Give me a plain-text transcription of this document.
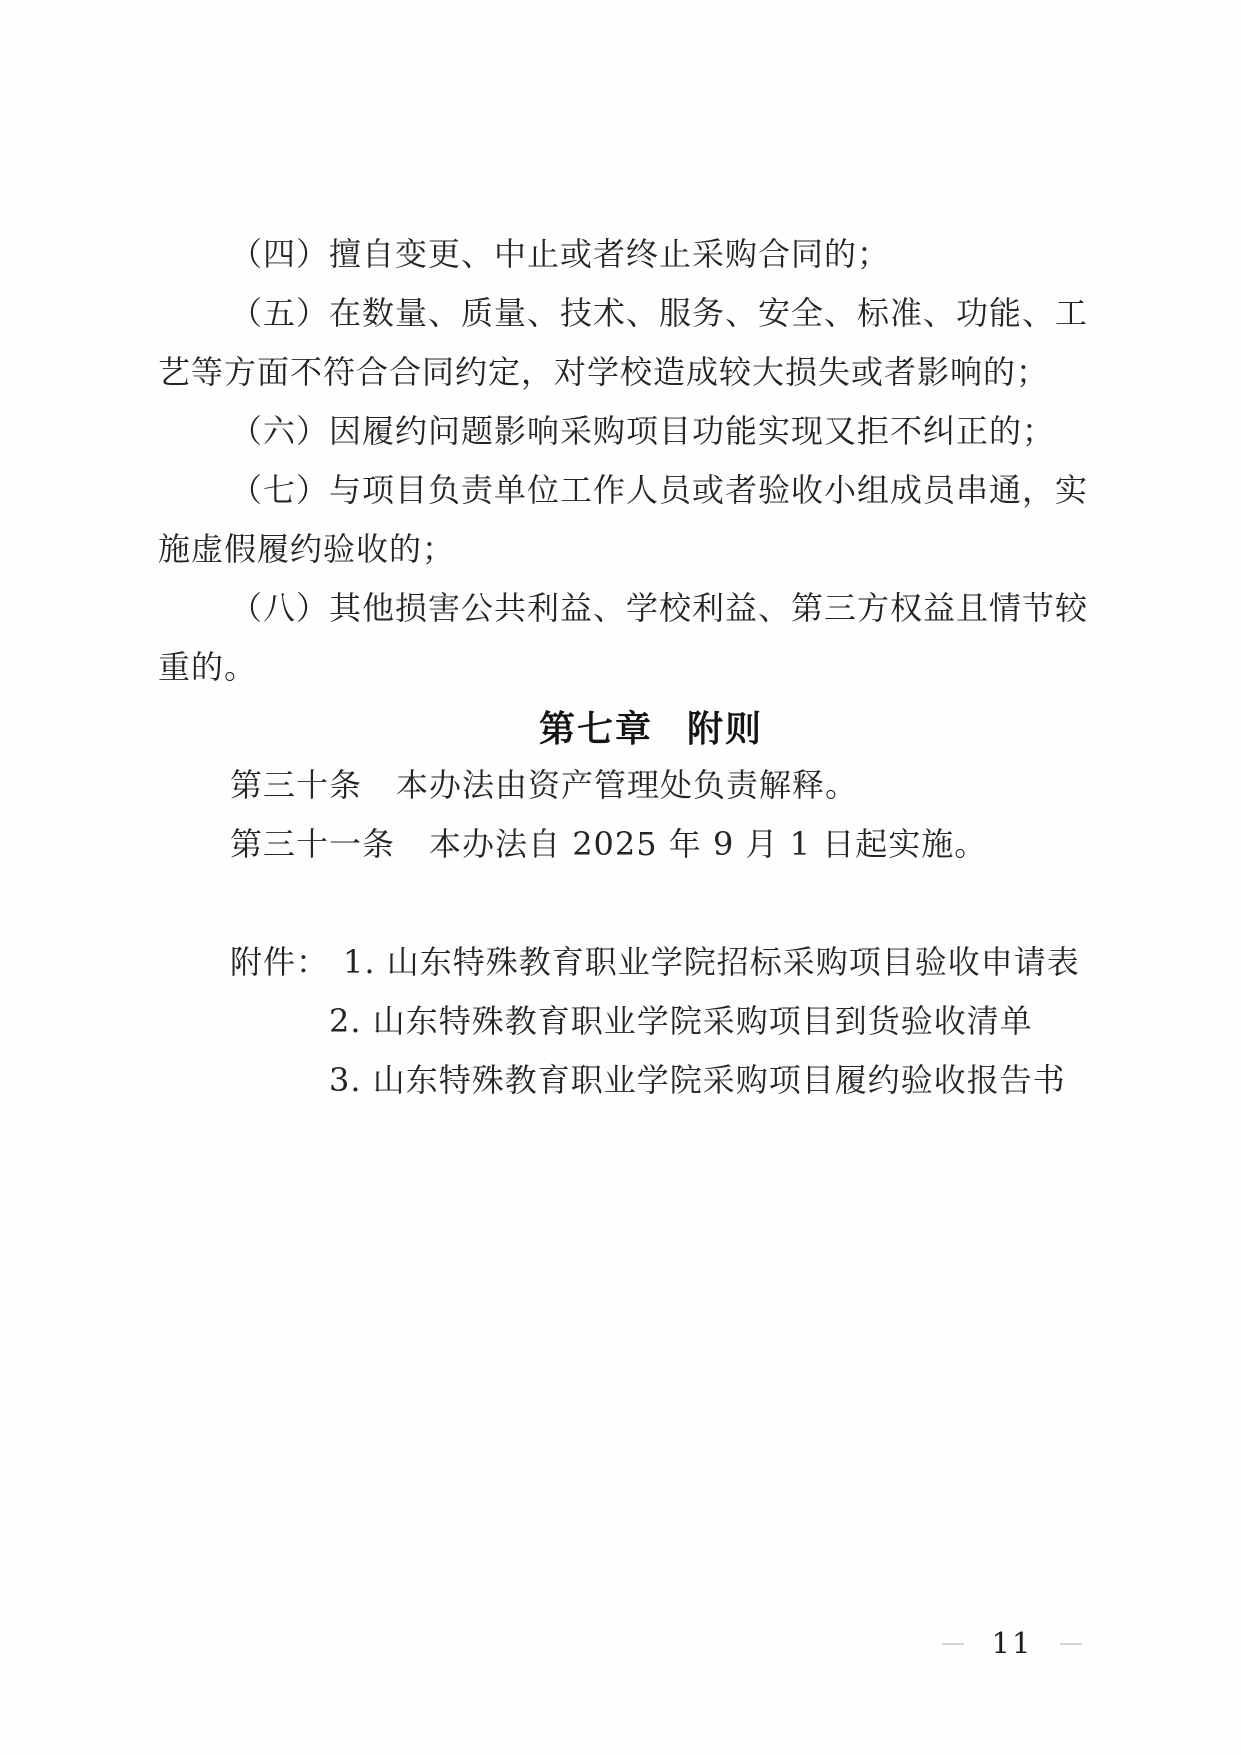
（四）擅自变更、中止或者终止采购合同的；

（五）在数量、质量、技术、服务、安全、标准、功能、工

艺等方面不符合合同约定，对学校造成较大损失或者影响的；

（六）因履约问题影响采购项目功能实现又拒不纠正的；

（七）与项目负责单位工作人员或者验收小组成员串通，实

施虚假履约验收的；

（八）其他损害公共利益、学校利益、第三方权益且情节较

重的。

第七章 附则

第三十条 本办法由资产管理处负责解释。

第三十一条 本办法自 2025 年 9 月 1 日起实施。

附件： 1. 山东特殊教育职业学院招标采购项目验收申请表

2. 山东特殊教育职业学院采购项目到货验收清单

3. 山东特殊教育职业学院采购项目履约验收报告书

— 11 —
